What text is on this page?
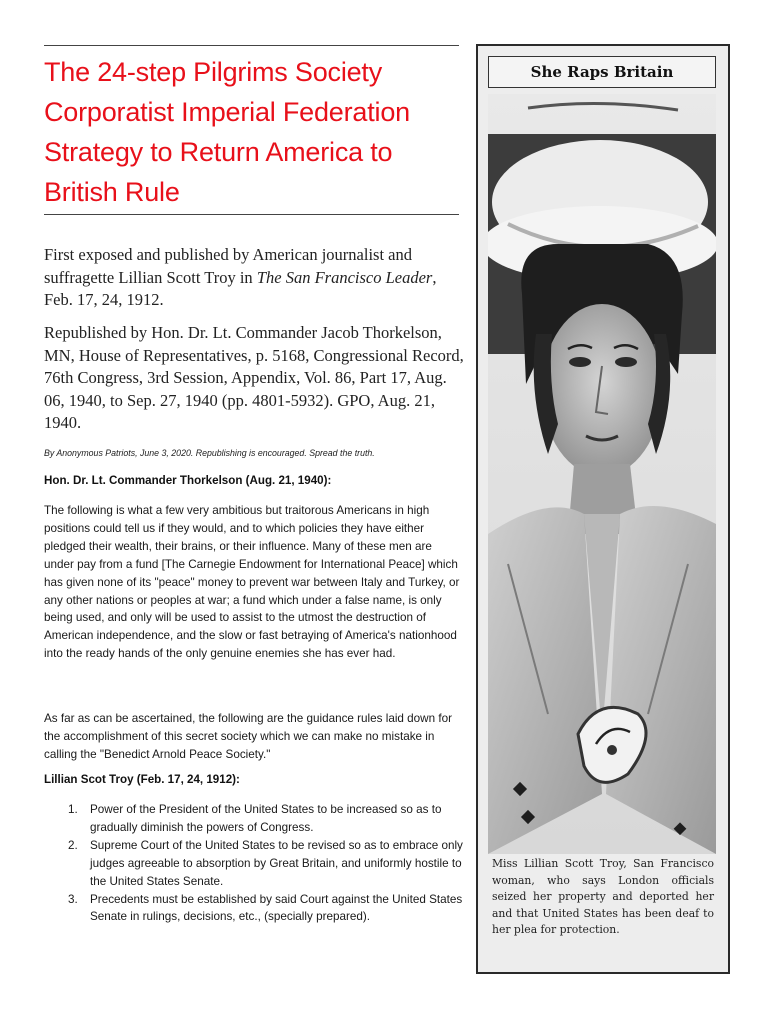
The 24-step Pilgrims Society Corporatist Imperial Federation Strategy to Return America to British Rule

First exposed and published by American journalist and suffragette Lillian Scott Troy in The San Francisco Leader, Feb. 17, 24, 1912.

Republished by Hon. Dr. Lt. Commander Jacob Thorkelson, MN, House of Representatives, p. 5168, Congressional Record, 76th Congress, 3rd Session, Appendix, Vol. 86, Part 17, Aug. 06, 1940, to Sep. 27, 1940 (pp. 4801-5932). GPO, Aug. 21, 1940.

By Anonymous Patriots, June 3, 2020. Republishing is encouraged. Spread the truth.

Hon. Dr. Lt. Commander Thorkelson (Aug. 21, 1940):

The following is what a few very ambitious but traitorous Americans in high positions could tell us if they would, and to which policies they have either pledged their wealth, their brains, or their influence. Many of these men are under pay from a fund [The Carnegie Endowment for International Peace] which has given none of its "peace" money to prevent war between Italy and Turkey, or any other nations or peoples at war; a fund which under a false name, is only being used, and only will be used to assist to the utmost the destruction of American independence, and the slow or fast betraying of America's nationhood into the ready hands of the only genuine enemies she has ever had.

As far as can be ascertained, the following are the guidance rules laid down for the accomplishment of this secret society which we can make no mistake in calling the "Benedict Arnold Peace Society."

Lillian Scot Troy (Feb. 17, 24, 1912):

1. Power of the President of the United States to be increased so as to gradually diminish the powers of Congress.
2. Supreme Court of the United States to be revised so as to embrace only judges agreeable to absorption by Great Britain, and uniformly hostile to the United States Senate.
3. Precedents must be established by said Court against the United States Senate in rulings, decisions, etc., (specially prepared).
She Raps Britain

Miss Lillian Scott Troy, San Francisco woman, who says London officials seized her property and deported her and that United States has been deaf to her plea for protection.
